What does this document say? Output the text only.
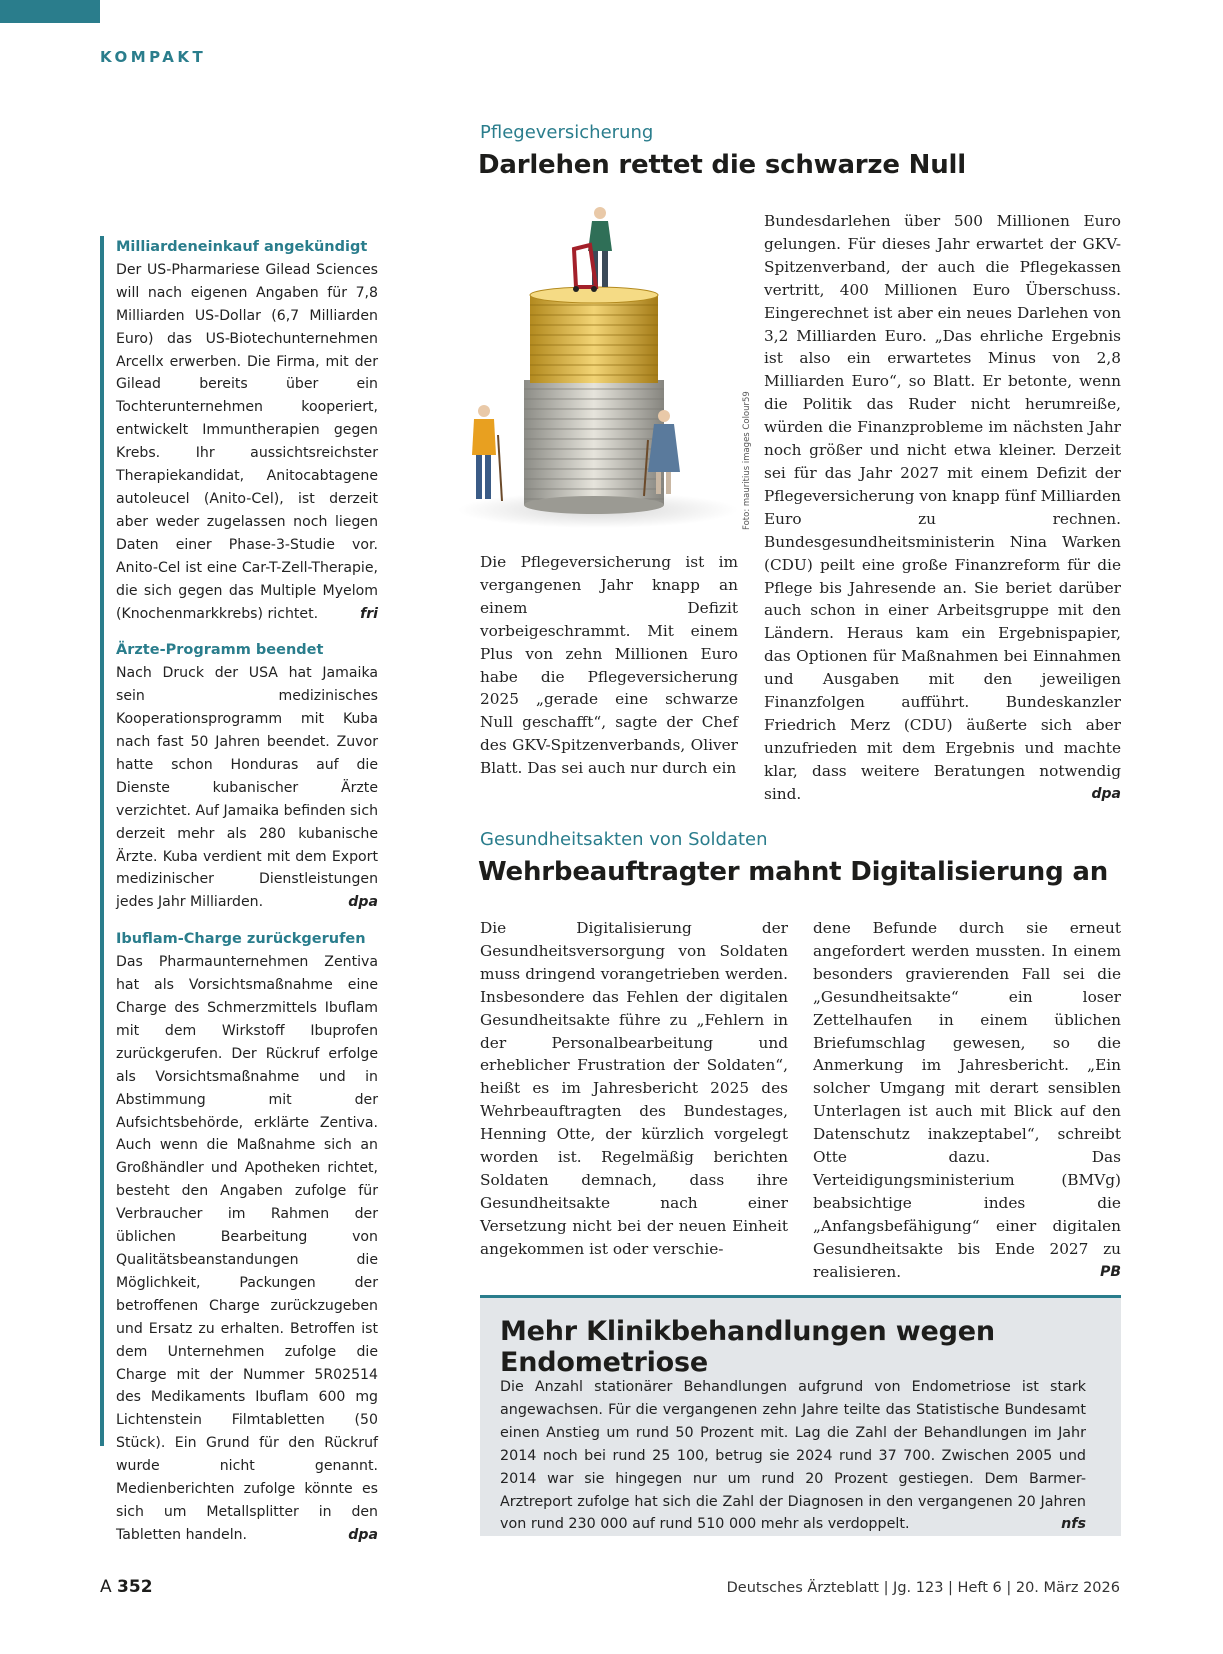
KOMPAKT
Milliardeneinkauf angekündigt
Der US-Pharmariese Gilead Sciences will nach eigenen Angaben für 7,8 Milliarden US-Dollar (6,7 Milliarden Euro) das US-Biotechunternehmen Arcellx erwerben. Die Firma, mit der Gilead bereits über ein Tochterunternehmen kooperiert, entwickelt Immuntherapien gegen Krebs. Ihr aussichtsreichster Therapiekandidat, Anitocabtagene autoleucel (Anito-Cel), ist derzeit aber weder zugelassen noch liegen Daten einer Phase-3-Studie vor. Anito-Cel ist eine Car-T-Zell-Therapie, die sich gegen das Multiple Myelom (Knochenmarkkrebs) richtet.	fri
Ärzte-Programm beendet
Nach Druck der USA hat Jamaika sein medizinisches Kooperationsprogramm mit Kuba nach fast 50 Jahren beendet. Zuvor hatte schon Honduras auf die Dienste kubanischer Ärzte verzichtet. Auf Jamaika befinden sich derzeit mehr als 280 kubanische Ärzte. Kuba verdient mit dem Export medizinischer Dienstleistungen jedes Jahr Milliarden.	dpa
Ibuflam-Charge zurückgerufen
Das Pharmaunternehmen Zentiva hat als Vorsichtsmaßnahme eine Charge des Schmerzmittels Ibuflam mit dem Wirkstoff Ibuprofen zurückgerufen. Der Rückruf erfolge als Vorsichtsmaßnahme und in Abstimmung mit der Aufsichtsbehörde, erklärte Zentiva. Auch wenn die Maßnahme sich an Großhändler und Apotheken richtet, besteht den Angaben zufolge für Verbraucher im Rahmen der üblichen Bearbeitung von Qualitätsbeanstandungen die Möglichkeit, Packungen der betroffenen Charge zurückzugeben und Ersatz zu erhalten. Betroffen ist dem Unternehmen zufolge die Charge mit der Nummer 5R02514 des Medikaments Ibuflam 600 mg Lichtenstein Filmtabletten (50 Stück). Ein Grund für den Rückruf wurde nicht genannt. Medienberichten zufolge könnte es sich um Metallsplitter in den Tabletten handeln.	dpa
Pflegeversicherung
Darlehen rettet die schwarze Null
Foto: mauritius images Colour59
Die Pflegeversicherung ist im vergangenen Jahr knapp an einem Defizit vorbeigeschrammt. Mit einem Plus von zehn Millionen Euro habe die Pflegeversicherung 2025 „gerade eine schwarze Null geschafft“, sagte der Chef des GKV-Spitzenverbands, Oliver Blatt. Das sei auch nur durch ein
Bundesdarlehen über 500 Millionen Euro gelungen. Für dieses Jahr erwartet der GKV-Spitzenverband, der auch die Pflegekassen vertritt, 400 Millionen Euro Überschuss. Eingerechnet ist aber ein neues Darlehen von 3,2 Milliarden Euro. „Das ehrliche Ergebnis ist also ein erwartetes Minus von 2,8 Milliarden Euro“, so Blatt. Er betonte, wenn die Politik das Ruder nicht herumreiße, würden die Finanzprobleme im nächsten Jahr noch größer und nicht etwa kleiner. Derzeit sei für das Jahr 2027 mit einem Defizit der Pflegeversicherung von knapp fünf Milliarden Euro zu rechnen. Bundesgesundheitsministerin Nina Warken (CDU) peilt eine große Finanzreform für die Pflege bis Jahresende an. Sie beriet darüber auch schon in einer Arbeitsgruppe mit den Ländern. Heraus kam ein Ergebnispapier, das Optionen für Maßnahmen bei Einnahmen und Ausgaben mit den jeweiligen Finanzfolgen aufführt. Bundeskanzler Friedrich Merz (CDU) äußerte sich aber unzufrieden mit dem Ergebnis und machte klar, dass weitere Beratungen notwendig sind.	dpa
Gesundheitsakten von Soldaten
Wehrbeauftragter mahnt Digitalisierung an
Die Digitalisierung der Gesundheitsversorgung von Soldaten muss dringend vorangetrieben werden. Insbesondere das Fehlen der digitalen Gesundheitsakte führe zu „Fehlern in der Personalbearbeitung und erheblicher Frustration der Soldaten“, heißt es im Jahresbericht 2025 des Wehrbeauftragten des Bundestages, Henning Otte, der kürzlich vorgelegt worden ist. Regelmäßig berichten Soldaten demnach, dass ihre Gesundheitsakte nach einer Versetzung nicht bei der neuen Einheit angekommen ist oder verschie-
dene Befunde durch sie erneut angefordert werden mussten. In einem besonders gravierenden Fall sei die „Gesundheitsakte“ ein loser Zettelhaufen in einem üblichen Briefumschlag gewesen, so die Anmerkung im Jahresbericht. „Ein solcher Umgang mit derart sensiblen Unterlagen ist auch mit Blick auf den Datenschutz inakzeptabel“, schreibt Otte dazu. Das Verteidigungsministerium (BMVg) beabsichtige indes die „Anfangsbefähigung“ einer digitalen Gesundheitsakte bis Ende 2027 zu realisieren.	PB
Mehr Klinikbehandlungen wegen Endometriose
Die Anzahl stationärer Behandlungen aufgrund von Endometriose ist stark angewachsen. Für die vergangenen zehn Jahre teilte das Statistische Bundesamt einen Anstieg um rund 50 Prozent mit. Lag die Zahl der Behandlungen im Jahr 2014 noch bei rund 25 100, betrug sie 2024 rund 37 700. Zwischen 2005 und 2014 war sie hingegen nur um rund 20 Prozent gestiegen. Dem Barmer-Arztreport zufolge hat sich die Zahl der Diagnosen in den vergangenen 20 Jahren von rund 230 000 auf rund 510 000 mehr als verdoppelt.	nfs
A 352	Deutsches Ärzteblatt | Jg. 123 | Heft 6 | 20. März 2026
